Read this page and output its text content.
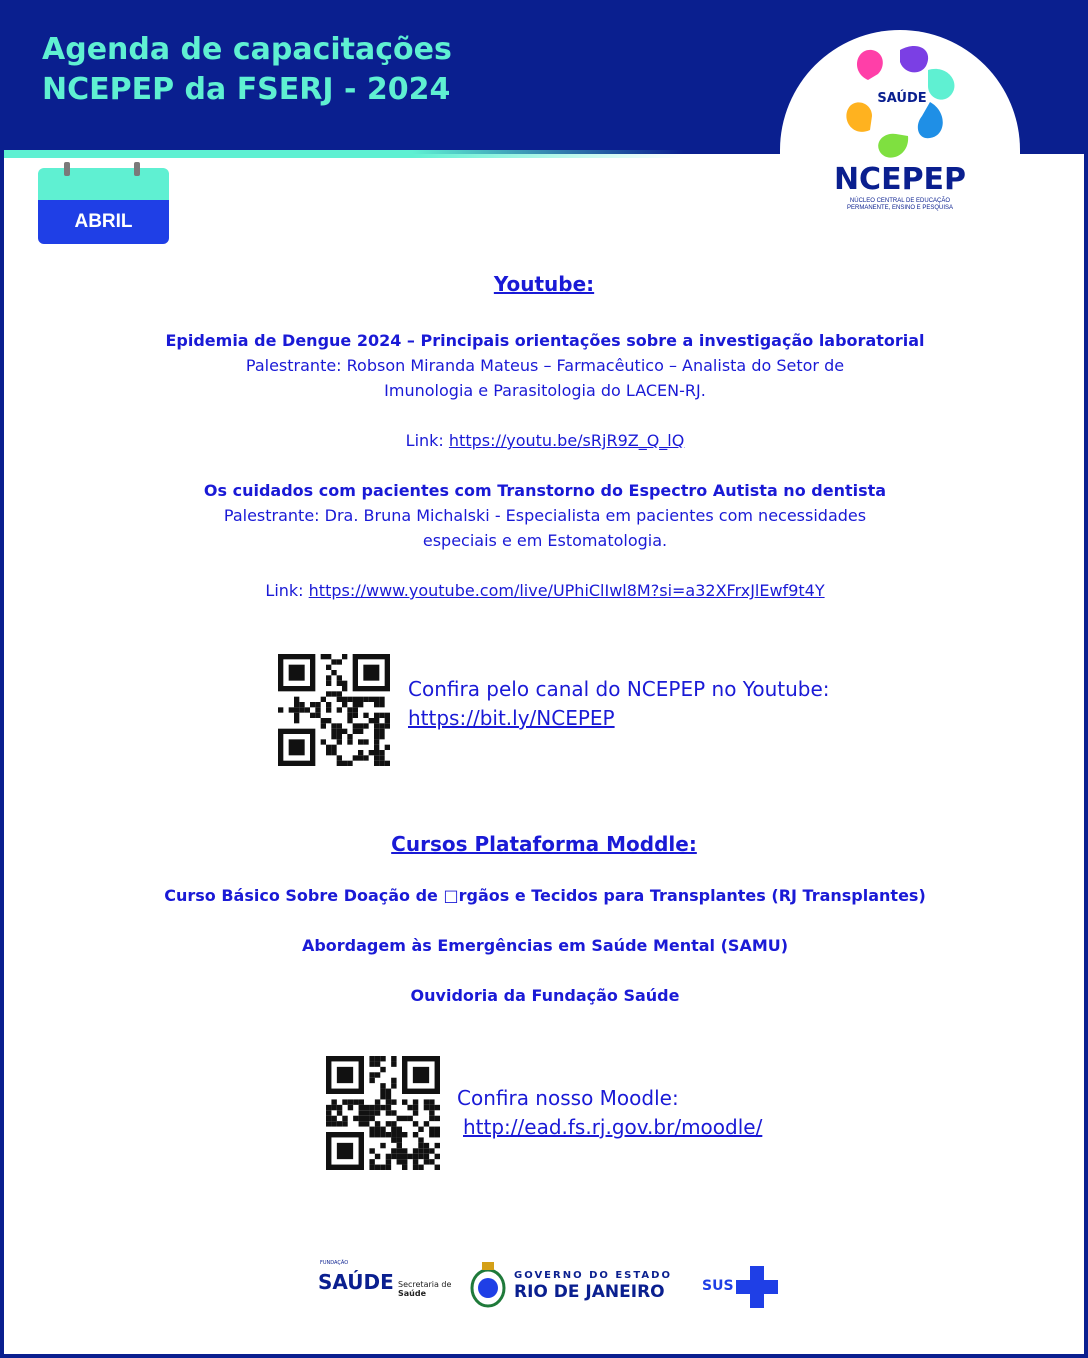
Agenda de capacitações
NCEPEP da FSERJ - 2024	SAÚDE
NCEPEP
NÚCLEO CENTRAL DE EDUCAÇÃO
PERMANENTE, ENSINO E PESQUISA
ABRIL
Youtube:
Epidemia de Dengue 2024 – Principais orientações sobre a investigação laboratorial
Palestrante: Robson Miranda Mateus – Farmacêutico – Analista do Setor de
Imunologia e Parasitologia do LACEN-RJ.
Link: https://youtu.be/sRjR9Z_Q_lQ
Os cuidados com pacientes com Transtorno do Espectro Autista no dentista
Palestrante: Dra. Bruna Michalski - Especialista em pacientes com necessidades
especiais e em Estomatologia.
Link: https://www.youtube.com/live/UPhiClIwl8M?si=a32XFrxJlEwf9t4Y
Confira pelo canal do NCEPEP no Youtube:
https://bit.ly/NCEPEP
Cursos Plataforma Moddle:
Curso Básico Sobre Doação de □rgãos e Tecidos para Transplantes (RJ Transplantes)
Abordagem às Emergências em Saúde Mental (SAMU)
Ouvidoria da Fundação Saúde
Confira nosso Moodle:
http://ead.fs.rj.gov.br/moodle/
FUNDAÇÃO
SAÚDE Secretaria de
Saúde
GOVERNO DO ESTADO
RIO DE JANEIRO	SUS
